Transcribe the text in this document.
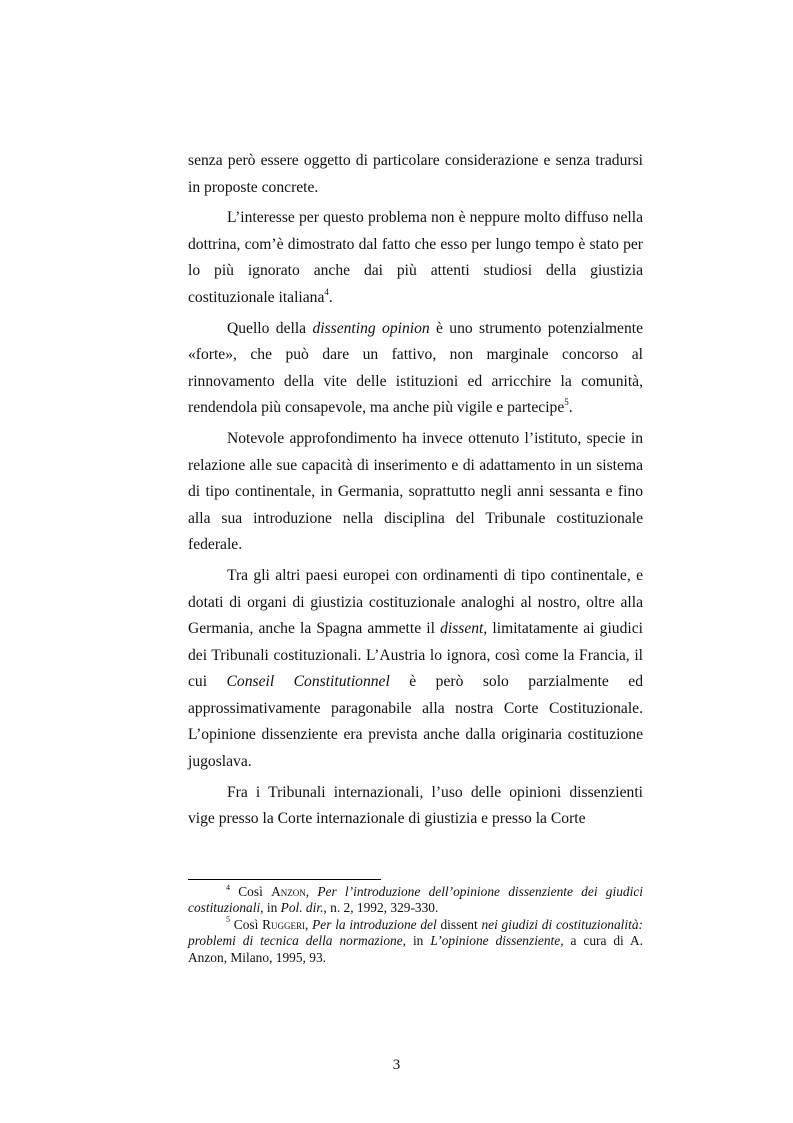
senza però essere oggetto di particolare considerazione e senza tradursi in proposte concrete.

L’interesse per questo problema non è neppure molto diffuso nella dottrina, com’è dimostrato dal fatto che esso per lungo tempo è stato per lo più ignorato anche dai più attenti studiosi della giustizia costituzionale italiana$^4$.

Quello della dissenting opinion è uno strumento potenzialmente «forte», che può dare un fattivo, non marginale concorso al rinnovamento della vite delle istituzioni ed arricchire la comunità, rendendola più consapevole, ma anche più vigile e partecipe$^5$.

Notevole approfondimento ha invece ottenuto l’istituto, specie in relazione alle sue capacità di inserimento e di adattamento in un sistema di tipo continentale, in Germania, soprattutto negli anni sessanta e fino alla sua introduzione nella disciplina del Tribunale costituzionale federale.

Tra gli altri paesi europei con ordinamenti di tipo continentale, e dotati di organi di giustizia costituzionale analoghi al nostro, oltre alla Germania, anche la Spagna ammette il dissent, limitatamente ai giudici dei Tribunali costituzionali. L’Austria lo ignora, così come la Francia, il cui Conseil Constitutionnel è però solo parzialmente ed approssimativamente paragonabile alla nostra Corte Costituzionale. L’opinione dissenziente era prevista anche dalla originaria costituzione jugoslava.

Fra i Tribunali internazionali, l’uso delle opinioni dissenzienti vige presso la Corte internazionale di giustizia e presso la Corte

$^4$ Così Anzon, Per l’introduzione dell’opinione dissenziente dei giudici costituzionali, in Pol. dir., n. 2, 1992, 329-330.

$^5$ Così Ruggeri, Per la introduzione del dissent nei giudizi di costituzionalità: problemi di tecnica della normazione, in L’opinione dissenziente, a cura di A. Anzon, Milano, 1995, 93.

3
